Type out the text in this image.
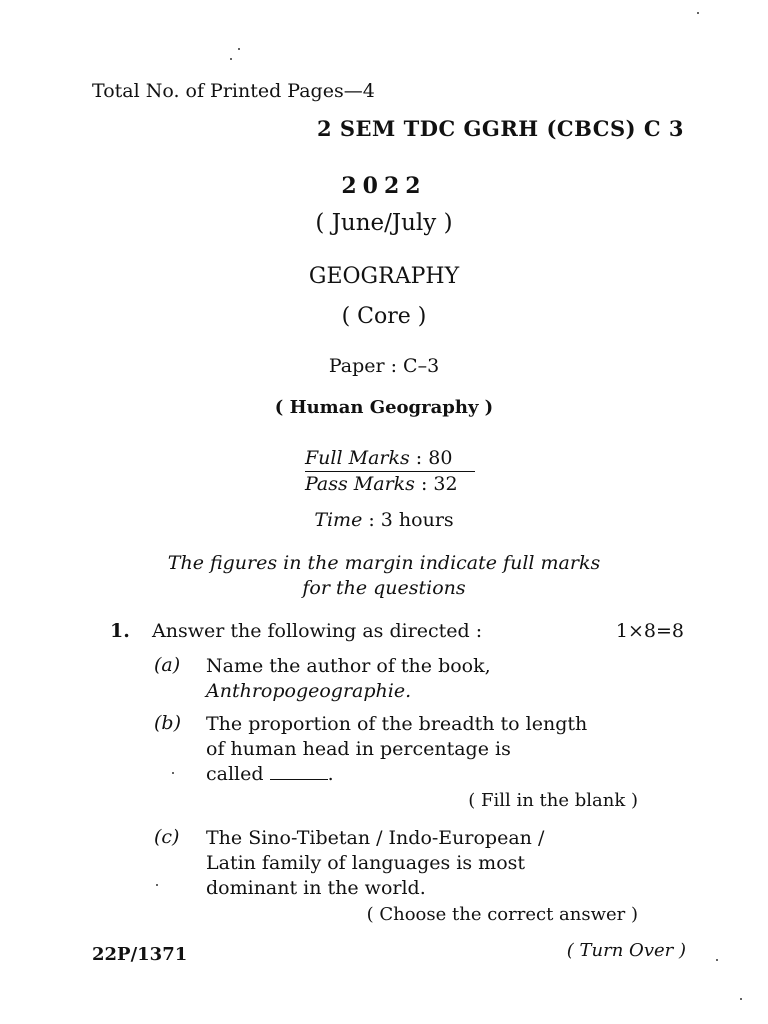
Total No. of Printed Pages—4
2 SEM TDC GGRH (CBCS) C 3
2022
( June/July )
GEOGRAPHY
( Core )
Paper : C–3
( Human Geography )
Full Marks : 80
Pass Marks : 32
Time : 3 hours
The figures in the margin indicate full marks
for the questions
1. Answer the following as directed :	1×8=8
(a) Name the author of the book,
Anthropogeographie.
(b) The proportion of the breadth to length
of human head in percentage is
called	.
( Fill in the blank )
(c) The Sino-Tibetan / Indo-European /
Latin family of languages is most
dominant in the world.
( Choose the correct answer )
22P/1371	( Turn Over )
